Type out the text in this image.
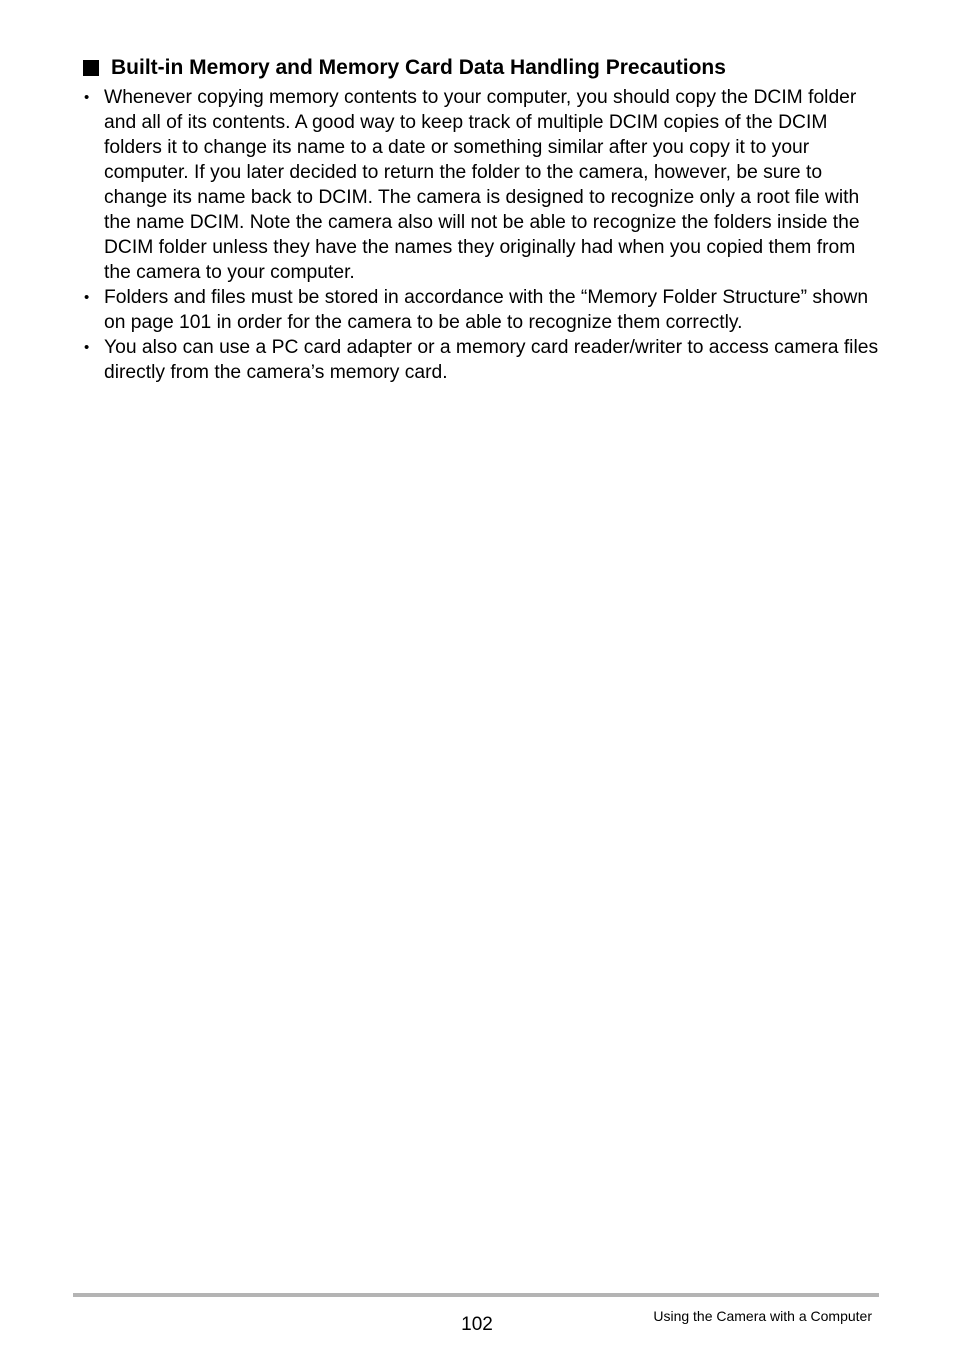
Built-in Memory and Memory Card Data Handling Precautions
• Whenever copying memory contents to your computer, you should copy the DCIM folder and all of its contents. A good way to keep track of multiple DCIM copies of the DCIM folders it to change its name to a date or something similar after you copy it to your computer. If you later decided to return the folder to the camera, however, be sure to change its name back to DCIM. The camera is designed to recognize only a root file with the name DCIM. Note the camera also will not be able to recognize the folders inside the DCIM folder unless they have the names they originally had when you copied them from the camera to your computer.
• Folders and files must be stored in accordance with the “Memory Folder Structure” shown on page 101 in order for the camera to be able to recognize them correctly.
• You also can use a PC card adapter or a memory card reader/writer to access camera files directly from the camera’s memory card.
102	Using the Camera with a Computer
